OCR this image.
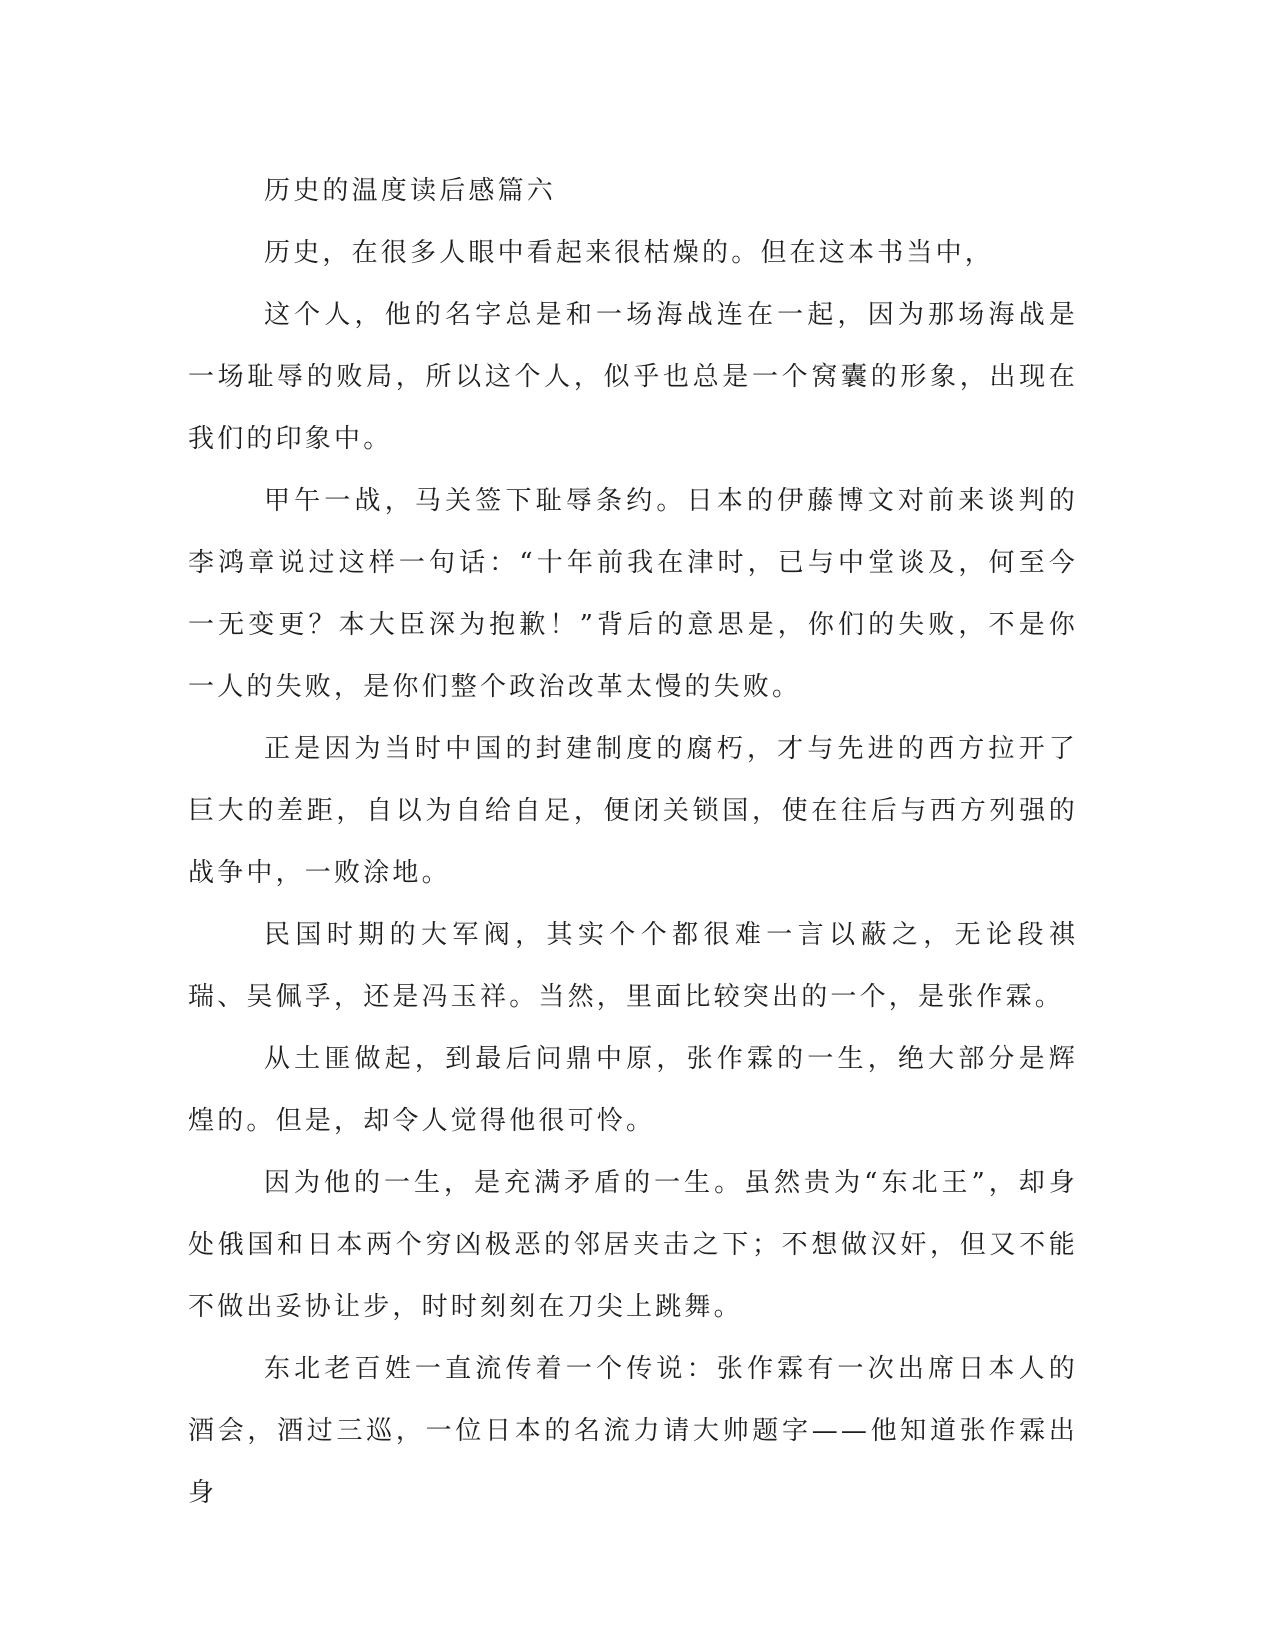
历史的温度读后感篇六

历史，在很多人眼中看起来很枯燥的。但在这本书当中，

这个人，他的名字总是和一场海战连在一起，因为那场海战是一场耻辱的败局，所以这个人，似乎也总是一个窝囊的形象，出现在我们的印象中。

甲午一战，马关签下耻辱条约。日本的伊藤博文对前来谈判的李鸿章说过这样一句话：“十年前我在津时，已与中堂谈及，何至今一无变更？本大臣深为抱歉！”背后的意思是，你们的失败，不是你一人的失败，是你们整个政治改革太慢的失败。

正是因为当时中国的封建制度的腐朽，才与先进的西方拉开了巨大的差距，自以为自给自足，便闭关锁国，使在往后与西方列强的战争中，一败涂地。

民国时期的大军阀，其实个个都很难一言以蔽之，无论段祺瑞、吴佩孚，还是冯玉祥。当然，里面比较突出的一个，是张作霖。

从土匪做起，到最后问鼎中原，张作霖的一生，绝大部分是辉煌的。但是，却令人觉得他很可怜。

因为他的一生，是充满矛盾的一生。虽然贵为“东北王”，却身处俄国和日本两个穷凶极恶的邻居夹击之下；不想做汉奸，但又不能不做出妥协让步，时时刻刻在刀尖上跳舞。

东北老百姓一直流传着一个传说：张作霖有一次出席日本人的酒会，酒过三巡，一位日本的名流力请大帅题字——他知道张作霖出身
